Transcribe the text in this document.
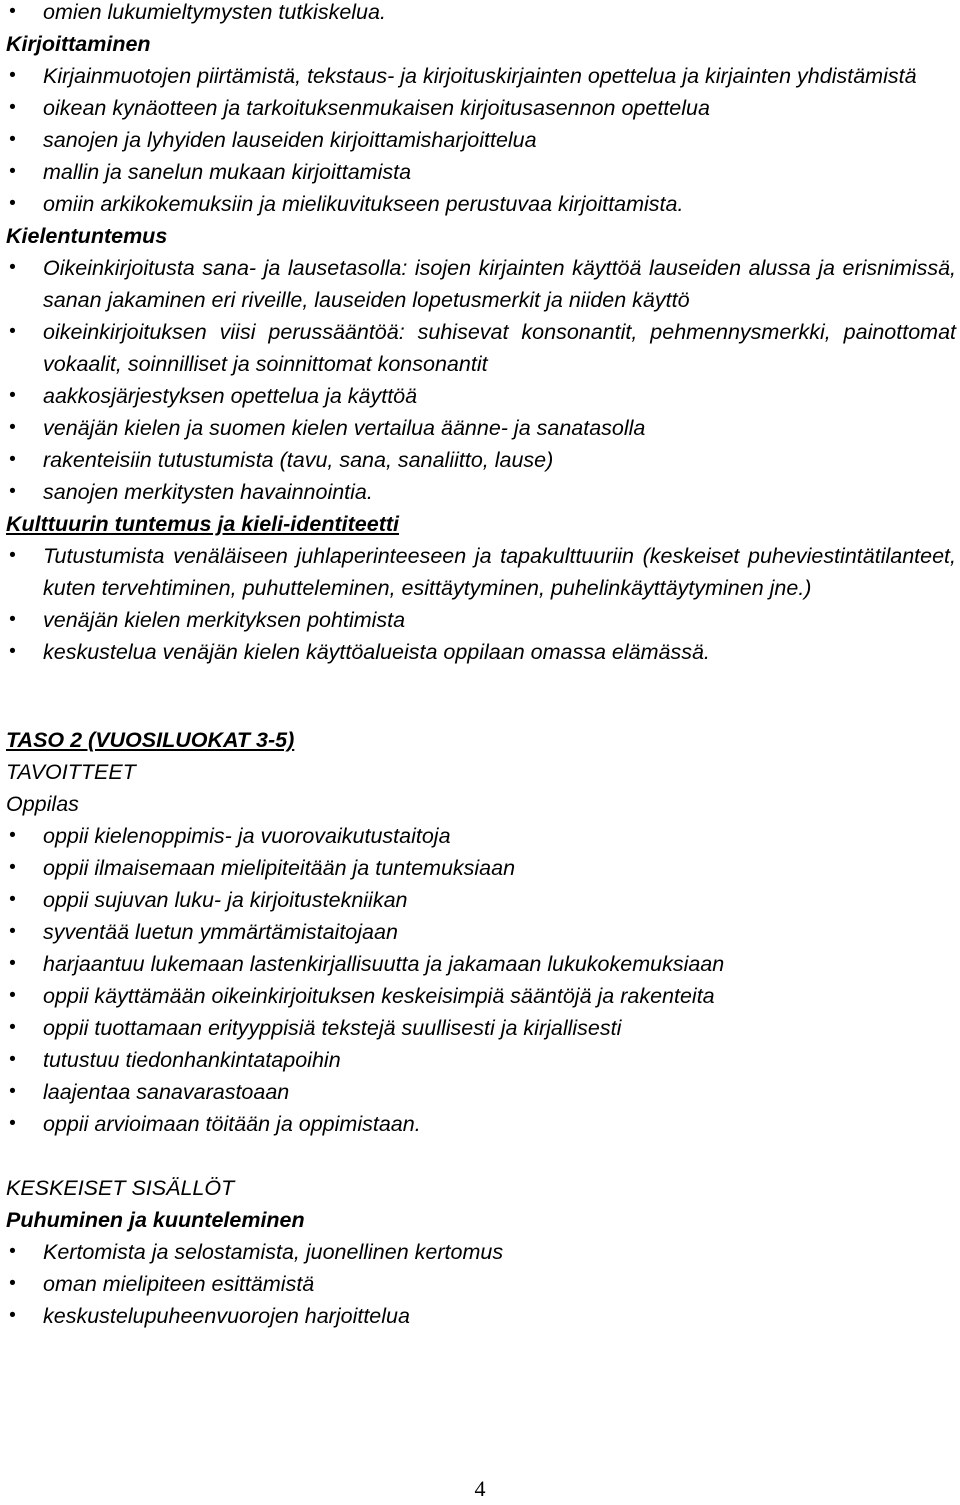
• omien lukumieltymysten tutkiskelua.
Kirjoittaminen
• Kirjainmuotojen piirtämistä, tekstaus- ja kirjoituskirjainten opettelua ja kirjainten yhdistämistä
• oikean kynäotteen ja tarkoituksenmukaisen kirjoitusasennon opettelua
• sanojen ja lyhyiden lauseiden kirjoittamisharjoittelua
• mallin ja sanelun mukaan kirjoittamista
• omiin arkikokemuksiin ja mielikuvitukseen perustuvaa kirjoittamista.
Kielentuntemus
• Oikeinkirjoitusta sana- ja lausetasolla: isojen kirjainten käyttöä lauseiden alussa ja erisnimissä, sanan jakaminen eri riveille, lauseiden lopetusmerkit ja niiden käyttö
• oikeinkirjoituksen viisi perussääntöä: suhisevat konsonantit, pehmennysmerkki, painottomat vokaalit, soinnilliset ja soinnittomat konsonantit
• aakkosjärjestyksen opettelua ja käyttöä
• venäjän kielen ja suomen kielen vertailua äänne- ja sanatasolla
• rakenteisiin tutustumista (tavu, sana, sanaliitto, lause)
• sanojen merkitysten havainnointia.
Kulttuurin tuntemus ja kieli-identiteetti
• Tutustumista venäläiseen juhlaperinteeseen ja tapakulttuuriin (keskeiset puheviestintätilanteet, kuten tervehtiminen, puhutteleminen, esittäytyminen, puhelinkäyttäytyminen jne.)
• venäjän kielen merkityksen pohtimista
• keskustelua venäjän kielen käyttöalueista oppilaan omassa elämässä.
TASO 2 (VUOSILUOKAT 3-5)
TAVOITTEET
Oppilas
• oppii kielenoppimis- ja vuorovaikutustaitoja
• oppii ilmaisemaan mielipiteitään ja tuntemuksiaan
• oppii sujuvan luku- ja kirjoitustekniikan
• syventää luetun ymmärtämistaitojaan
• harjaantuu lukemaan lastenkirjallisuutta ja jakamaan lukukokemuksiaan
• oppii käyttämään oikeinkirjoituksen keskeisimpiä sääntöjä ja rakenteita
• oppii tuottamaan erityyppisiä tekstejä suullisesti ja kirjallisesti
• tutustuu tiedonhankintatapoihin
• laajentaa sanavarastoaan
• oppii arvioimaan töitään ja oppimistaan.
KESKEISET SISÄLLÖT
Puhuminen ja kuunteleminen
• Kertomista ja selostamista, juonellinen kertomus
• oman mielipiteen esittämistä
• keskustelupuheenvuorojen harjoittelua
4
